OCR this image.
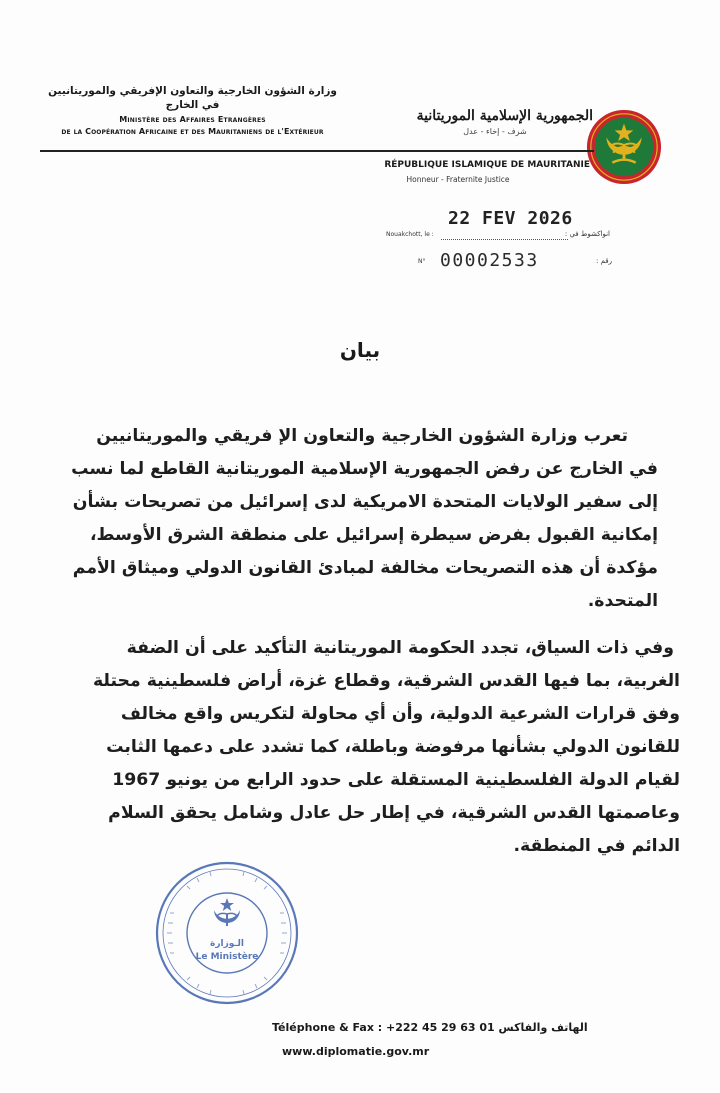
وزارة الشؤون الخارجية والتعاون الإفريقي والموريتانيين في الخارج
Ministère des Affaires Etrangères
de la Coopération Africaine et des Mauritaniens de l'Extérieur
الجمهورية الإسلامية الموريتانية
شرف - إخاء - عدل
RÉPUBLIQUE ISLAMIQUE DE MAURITANIE
Honneur - Fraternite Justice
22 FEV 2026
Nouakchott, le :	انواكشوط في :
N° 00002533	رقم :
بيان
تعرب وزارة الشؤون الخارجية والتعاون الإ فريقي والموريتانيين
في الخارج عن رفض الجمهورية الإسلامية الموريتانية القاطع لما نسب
إلى سفير الولايات المتحدة الامريكية لدى إسرائيل من تصريحات بشأن
إمكانية القبول بفرض سيطرة إسرائيل على منطقة الشرق الأوسط،
مؤكدة أن هذه التصريحات مخالفة لمبادئ القانون الدولي وميثاق الأمم
المتحدة.
وفي ذات السياق، تجدد الحكومة الموريتانية التأكيد على أن الضفة
الغربية، بما فيها القدس الشرقية، وقطاع غزة، أراض فلسطينية محتلة
وفق قرارات الشرعية الدولية، وأن أي محاولة لتكريس واقع مخالف
للقانون الدولي بشأنها مرفوضة وباطلة، كما تشدد على دعمها الثابت
لقيام الدولة الفلسطينية المستقلة على حدود الرابع من يونيو 1967
وعاصمتها القدس الشرقية، في إطار حل عادل وشامل يحقق السلام
الدائم في المنطقة.
الـوزارة
Le Ministère
Téléphone & Fax : +222 45 29 63 01 الهاتف والفاكس
www.diplomatie.gov.mr
